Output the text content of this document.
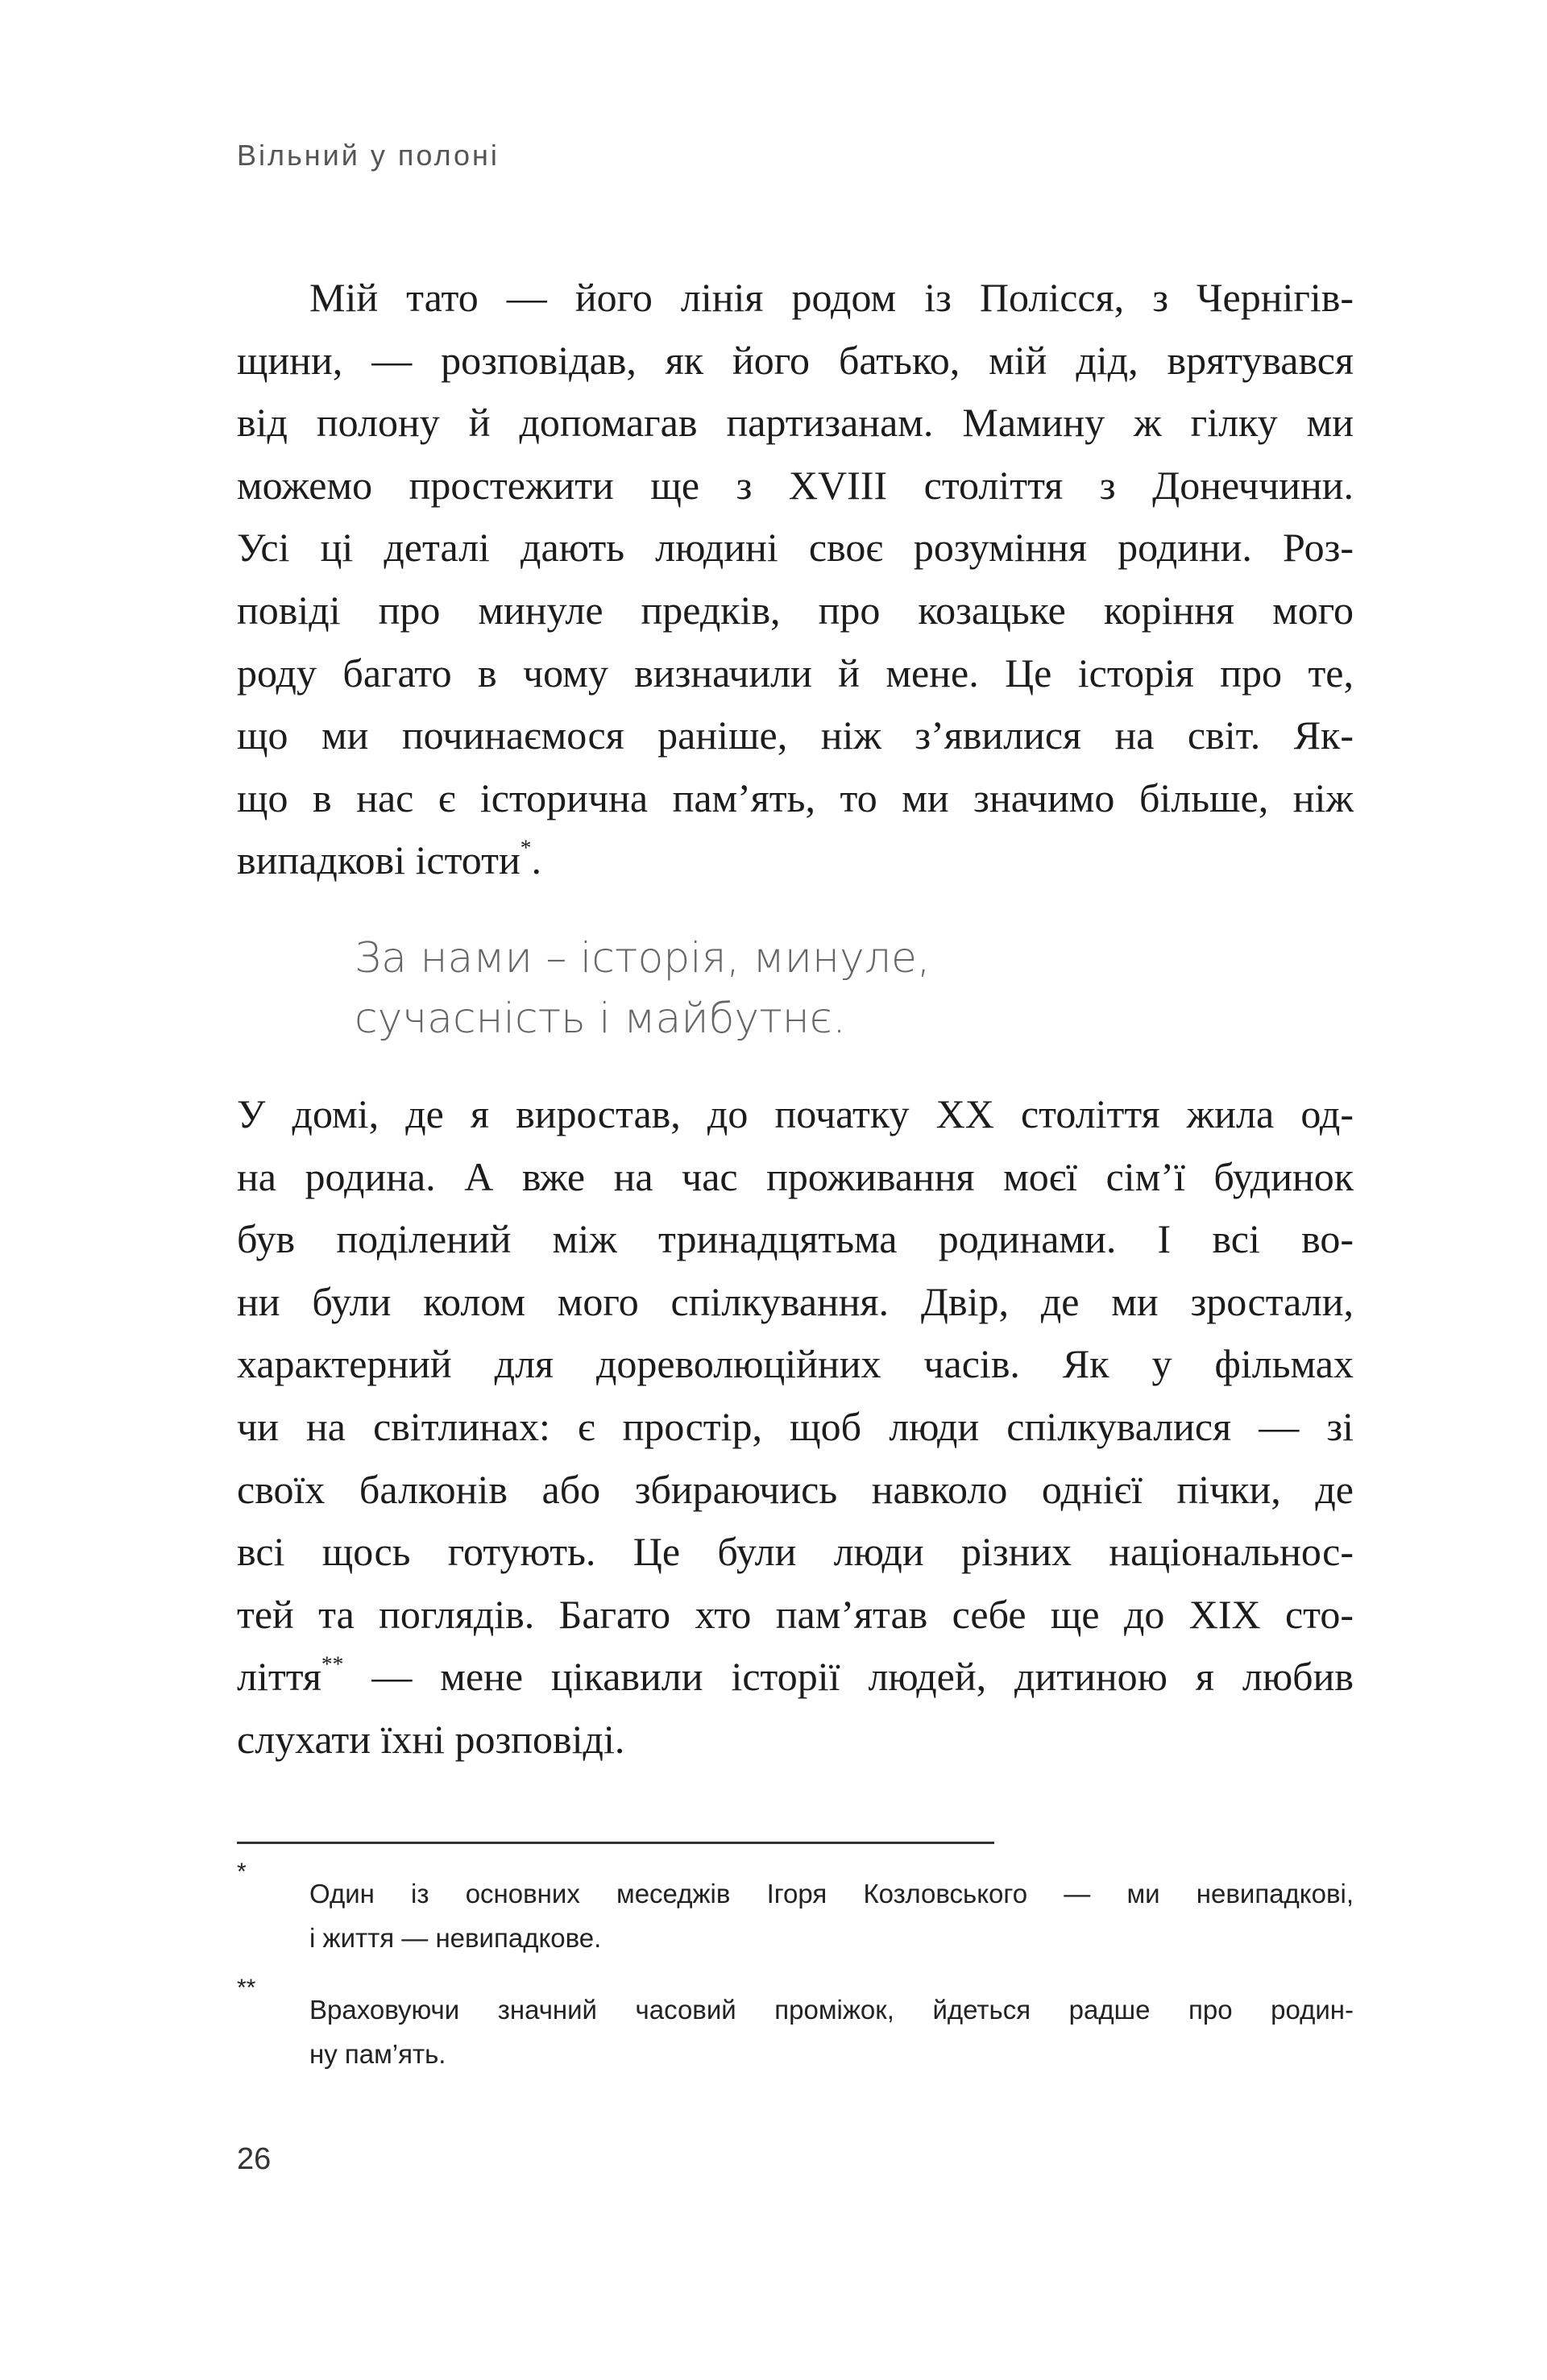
Вільний у полоні
Мій тато — його лінія родом із Полісся, з Чернігів-
щини, — розповідав, як його батько, мій дід, врятувався
від полону й допомагав партизанам. Мамину ж гілку ми
можемо простежити ще з XVIII століття з Донеччини.
Усі ці деталі дають людині своє розуміння родини. Роз-
повіді про минуле предків, про козацьке коріння мого
роду багато в чому визначили й мене. Це історія про те,
що ми починаємося раніше, ніж з’явилися на світ. Як-
що в нас є історична пам’ять, то ми значимо більше, ніж
випадкові істоти*.
За нами – історія, минуле,
сучасність і майбутнє.
У домі, де я виростав, до початку XX століття жила од-
на родина. А вже на час проживання моєї сім’ї будинок
був поділений між тринадцятьма родинами. І всі во-
ни були колом мого спілкування. Двір, де ми зростали,
характерний для дореволюційних часів. Як у фільмах
чи на світлинах: є простір, щоб люди спілкувалися — зі
своїх балконів або збираючись навколо однієї пічки, де
всі щось готують. Це були люди різних національнос-
тей та поглядів. Багато хто пам’ятав себе ще до XIX сто-
ліття** — мене цікавили історії людей, дитиною я любив
слухати їхні розповіді.
*
Один із основних меседжів Ігоря Козловського — ми невипадкові,
і життя — невипадкове.
**
Враховуючи значний часовий проміжок, йдеться радше про родин-
ну пам’ять.
26
